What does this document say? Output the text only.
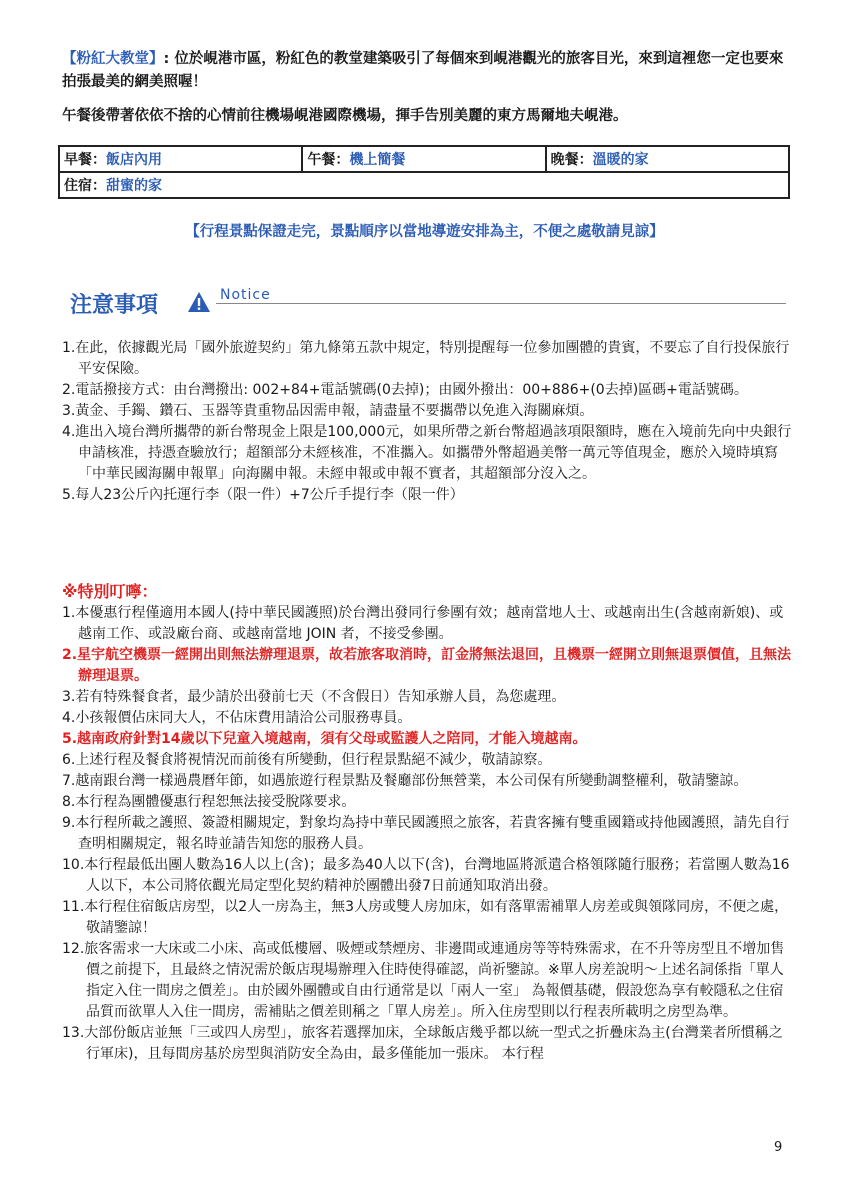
【粉紅大教堂】: 位於峴港市區，粉紅色的教堂建築吸引了每個來到峴港觀光的旅客目光，來到這裡您一定也要來拍張最美的網美照喔！
午餐後帶著依依不捨的心情前往機場峴港國際機場，揮手告別美麗的東方馬爾地夫峴港。
早餐：飯店內用	午餐：機上簡餐	晚餐：溫暖的家
住宿：甜蜜的家
【行程景點保證走完，景點順序以當地導遊安排為主，不便之處敬請見諒】
注意事項	Notice
1.在此，依據觀光局「國外旅遊契約」第九條第五款中規定，特別提醒每一位參加團體的貴賓，不要忘了自行投保旅行平安保險。
2.電話撥接方式：由台灣撥出: 002+84+電話號碼(0去掉)；由國外撥出：00+886+(0去掉)區碼+電話號碼。
3.黃金、手鐲、鑽石、玉器等貴重物品因需申報，請盡量不要攜帶以免進入海關麻煩。
4.進出入境台灣所攜帶的新台幣現金上限是100,000元，如果所帶之新台幣超過該項限額時，應在入境前先向中央銀行申請核准，持憑查驗放行；超額部分未經核准，不准攜入。如攜帶外幣超過美幣一萬元等值現金，應於入境時填寫「中華民國海關申報單」向海關申報。未經申報或申報不實者，其超額部分沒入之。
5.每人23公斤內托運行李（限一件）+7公斤手提行李（限一件）
※特別叮嚀：
1.本優惠行程僅適用本國人(持中華民國護照)於台灣出發同行參團有效；越南當地人士、或越南出生(含越南新娘)、或越南工作、或設廠台商、或越南當地 JOIN 者，不接受參團。
2.星宇航空機票一經開出則無法辦理退票，故若旅客取消時，訂金將無法退回，且機票一經開立則無退票價值，且無法辦理退票。
3.若有特殊餐食者，最少請於出發前七天（不含假日）告知承辦人員，為您處理。
4.小孩報價佔床同大人，不佔床費用請洽公司服務專員。
5.越南政府針對14歲以下兒童入境越南，須有父母或監護人之陪同，才能入境越南。
6.上述行程及餐食將視情況而前後有所變動，但行程景點絕不減少，敬請諒察。
7.越南跟台灣一樣過農曆年節，如遇旅遊行程景點及餐廳部份無營業，本公司保有所變動調整權利，敬請鑒諒。
8.本行程為團體優惠行程恕無法接受脫隊要求。
9.本行程所載之護照、簽證相關規定，對象均為持中華民國護照之旅客，若貴客擁有雙重國籍或持他國護照，請先自行查明相關規定，報名時並請告知您的服務人員。
10.本行程最低出團人數為16人以上(含)；最多為40人以下(含)，台灣地區將派遣合格領隊隨行服務；若當團人數為16人以下，本公司將依觀光局定型化契約精神於團體出發7日前通知取消出發。
11.本行程住宿飯店房型，以2人一房為主，無3人房或雙人房加床，如有落單需補單人房差或與領隊同房，不便之處，敬請鑒諒！
12.旅客需求一大床或二小床、高或低樓層、吸煙或禁煙房、非邊間或連通房等等特殊需求，在不升等房型且不增加售價之前提下，且最終之情況需於飯店現場辦理入住時使得確認，尚祈鑒諒。※單人房差說明～上述名詞係指「單人指定入住一間房之價差」。由於國外團體或自由行通常是以「兩人一室」 為報價基礎，假設您為享有較隱私之住宿品質而欲單人入住一間房，需補貼之價差則稱之「單人房差」。所入住房型則以行程表所載明之房型為準。
13.大部份飯店並無「三或四人房型」，旅客若選擇加床，全球飯店幾乎都以統一型式之折疊床為主(台灣業者所慣稱之行軍床)，且每間房基於房型與消防安全為由，最多僅能加一張床。 本行程
9
